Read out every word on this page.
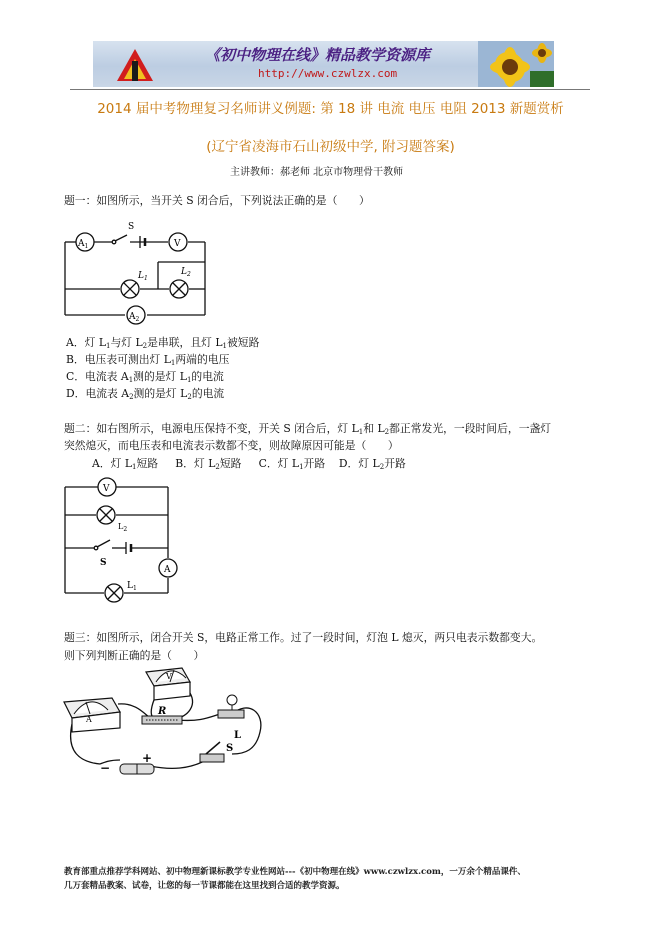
《初中物理在线》精品教学资源库
http://www.czwlzx.com
2014 届中考物理复习名师讲义例题: 第 18 讲 电流 电压 电阻 2013 新题赏析
(辽宁省凌海市石山初级中学, 附习题答案)
主讲教师：郝老师 北京市物理骨干教师
题一：如图所示，当开关 S 闭合后，下列说法正确的是（　　）
$A_1$	V
$A_2$
S
$L_1$
$L_2$
A．灯 $L_1$与灯 $L_2$是串联，且灯 $L_1$被短路
B．电压表可测出灯 $L_1$两端的电压
C．电流表 $A_1$测的是灯 $L_1$的电流
D．电流表 $A_2$测的是灯 $L_2$的电流
题二：如右图所示，电源电压保持不变，开关 S 闭合后，灯 $L_1$和 $L_2$都正常发光，一段时间后，一盏灯
突然熄灭，而电压表和电流表示数都不变，则故障原因可能是（　　）
A．灯 $L_1$短路 B．灯 $L_2$短路 C．灯 $L_1$开路 D．灯 $L_2$开路
V
A
S
$L_2$
$L_1$
题三：如图所示，闭合开关 S，电路正常工作。过了一段时间，灯泡 L 熄灭，两只电表示数都变大。
则下列判断正确的是（　　）
A
V
R
L
S
−
+
教育部重点推荐学科网站、初中物理新课标教学专业性网站---《初中物理在线》www.czwlzx.com，一万余个精品课件、
几万套精品教案、试卷，让您的每一节课都能在这里找到合适的教学资源。
